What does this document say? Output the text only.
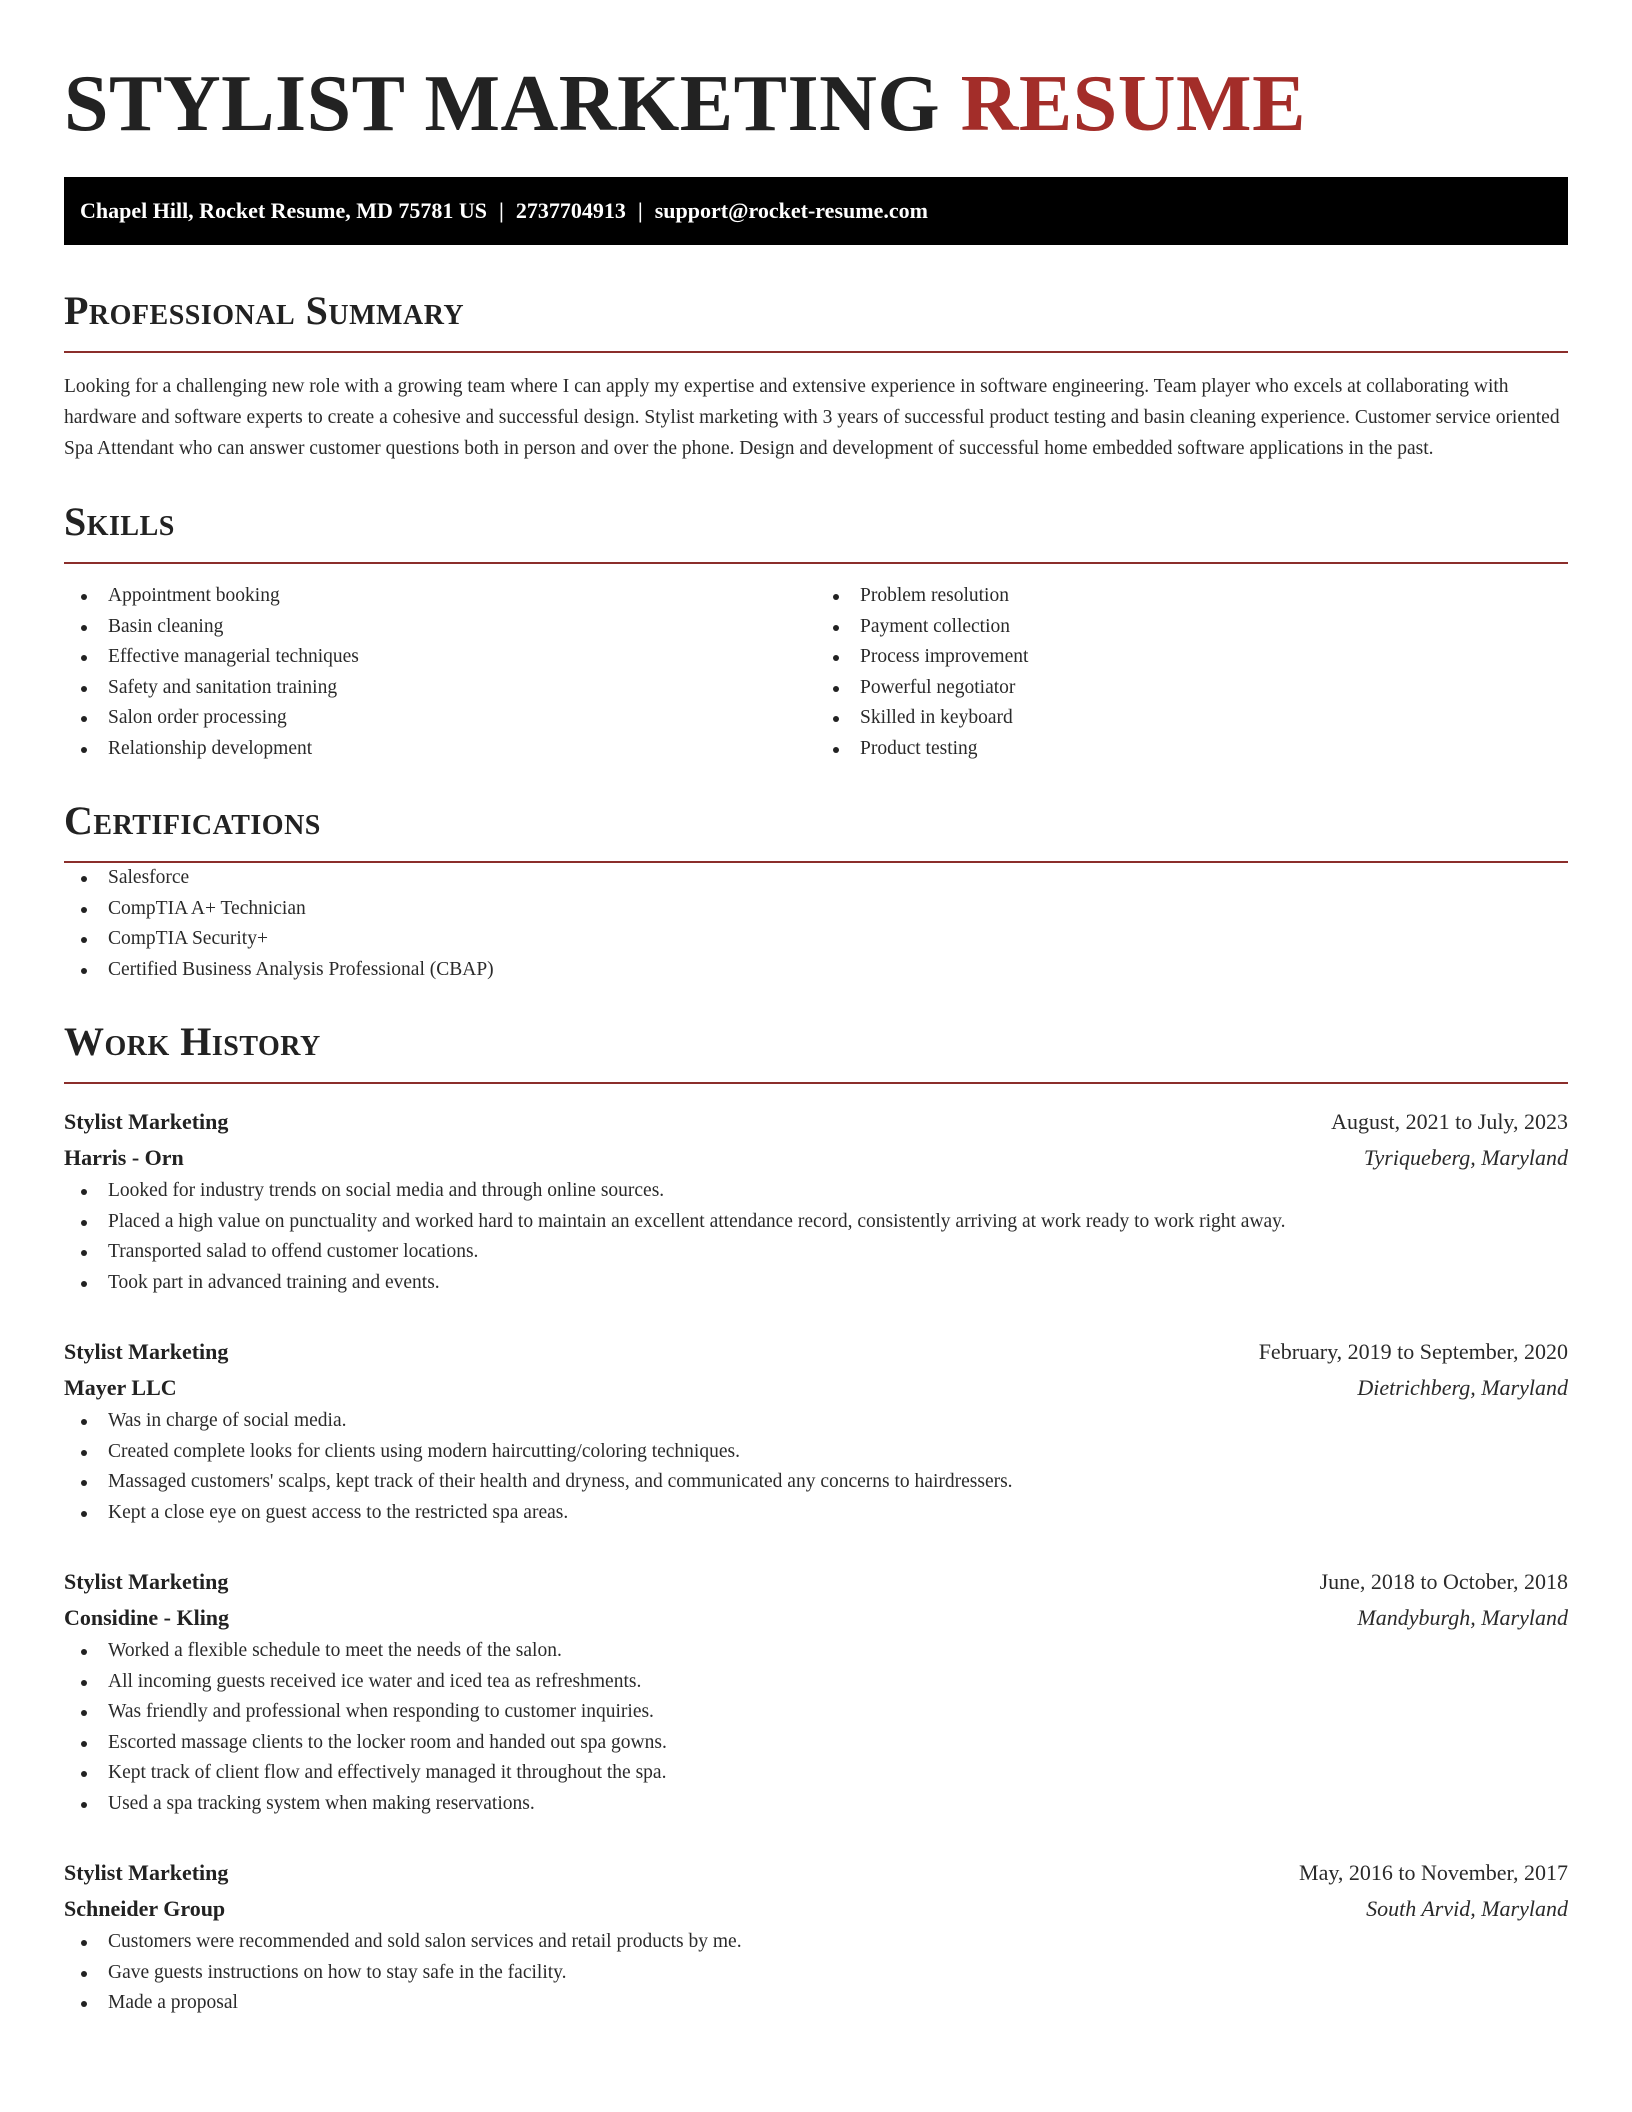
STYLIST MARKETING RESUME
Chapel Hill, Rocket Resume, MD 75781 US | 2737704913 | support@rocket-resume.com
Professional Summary

Looking for a challenging new role with a growing team where I can apply my expertise and extensive experience in software engineering. Team player who excels at collaborating with hardware and software experts to create a cohesive and successful design. Stylist marketing with 3 years of successful product testing and basin cleaning experience. Customer service oriented Spa Attendant who can answer customer questions both in person and over the phone. Design and development of successful home embedded software applications in the past.

Skills
Appointment booking
Basin cleaning
Effective managerial techniques
Safety and sanitation training
Salon order processing
Relationship development
Problem resolution
Payment collection
Process improvement
Powerful negotiator
Skilled in keyboard
Product testing
Certifications
Salesforce
CompTIA A+ Technician
CompTIA Security+
Certified Business Analysis Professional (CBAP)
Work History
Stylist Marketing	August, 2021 to July, 2023
Harris - Orn	Tyriqueberg, Maryland
Looked for industry trends on social media and through online sources.
Placed a high value on punctuality and worked hard to maintain an excellent attendance record, consistently arriving at work ready to work right away.
Transported salad to offend customer locations.
Took part in advanced training and events.
Stylist Marketing	February, 2019 to September, 2020
Mayer LLC	Dietrichberg, Maryland
Was in charge of social media.
Created complete looks for clients using modern haircutting/coloring techniques.
Massaged customers' scalps, kept track of their health and dryness, and communicated any concerns to hairdressers.
Kept a close eye on guest access to the restricted spa areas.
Stylist Marketing	June, 2018 to October, 2018
Considine - Kling	Mandyburgh, Maryland
Worked a flexible schedule to meet the needs of the salon.
All incoming guests received ice water and iced tea as refreshments.
Was friendly and professional when responding to customer inquiries.
Escorted massage clients to the locker room and handed out spa gowns.
Kept track of client flow and effectively managed it throughout the spa.
Used a spa tracking system when making reservations.
Stylist Marketing	May, 2016 to November, 2017
Schneider Group	South Arvid, Maryland
Customers were recommended and sold salon services and retail products by me.
Gave guests instructions on how to stay safe in the facility.
Made a proposal
